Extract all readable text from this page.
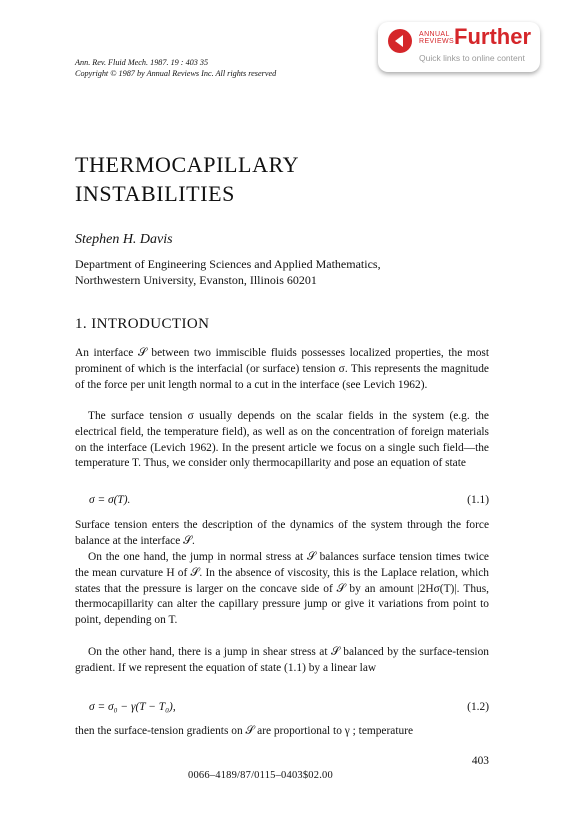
ANNUAL
REVIEWS Further
Quick links to online content
Ann. Rev. Fluid Mech. 1987. 19 : 403 35
Copyright © 1987 by Annual Reviews Inc. All rights reserved
THERMOCAPILLARY
INSTABILITIES
Stephen H. Davis
Department of Engineering Sciences and Applied Mathematics,
Northwestern University, Evanston, Illinois 60201
1. INTRODUCTION
An interface 𝒮 between two immiscible fluids possesses localized properties, the most prominent of which is the interfacial (or surface) tension σ. This represents the magnitude of the force per unit length normal to a cut in the interface (see Levich 1962).
The surface tension σ usually depends on the scalar fields in the system (e.g. the electrical field, the temperature field), as well as on the concentration of foreign materials on the interface (Levich 1962). In the present article we focus on a single such field—the temperature T. Thus, we consider only thermocapillarity and pose an equation of state
σ = σ(T).	(1.1)
Surface tension enters the description of the dynamics of the system through the force balance at the interface 𝒮.
On the one hand, the jump in normal stress at 𝒮 balances surface tension times twice the mean curvature H of 𝒮. In the absence of viscosity, this is the Laplace relation, which states that the pressure is larger on the concave side of 𝒮 by an amount |2Hσ(T)|. Thus, thermocapillarity can alter the capillary pressure jump or give it variations from point to point, depending on T.
On the other hand, there is a jump in shear stress at 𝒮 balanced by the surface-tension gradient. If we represent the equation of state (1.1) by a linear law
σ = σ₀ − γ(T − T₀),	(1.2)
then the surface-tension gradients on 𝒮 are proportional to γ ; temperature
403
0066–4189/87/0115–0403$02.00
